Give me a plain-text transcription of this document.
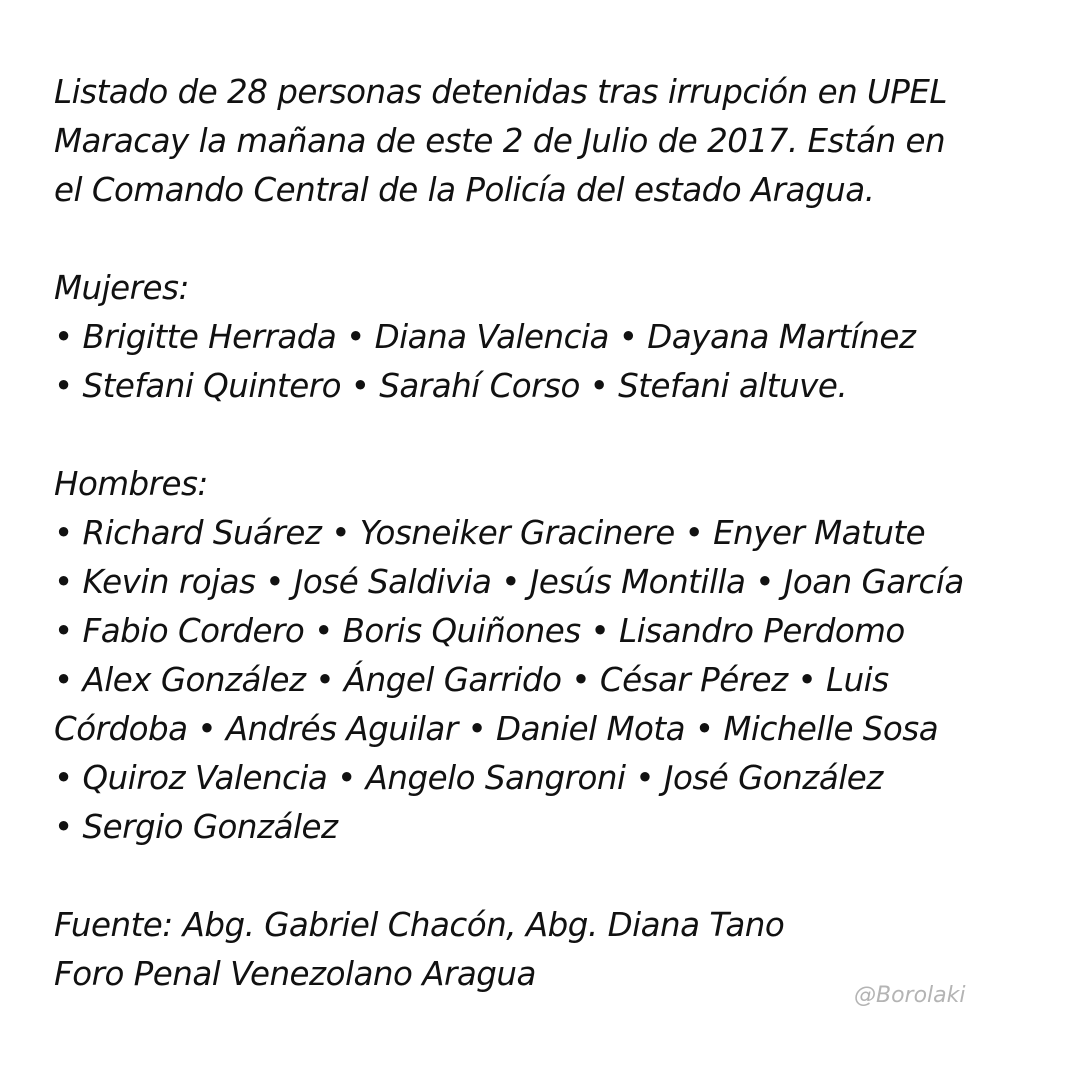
Listado de 28 personas detenidas tras irrupción en UPEL
Maracay la mañana de este 2 de Julio de 2017. Están en
el Comando Central de la Policía del estado Aragua.
Mujeres:
• Brigitte Herrada • Diana Valencia • Dayana Martínez
• Stefani Quintero • Sarahí Corso • Stefani altuve.
Hombres:
• Richard Suárez • Yosneiker Gracinere • Enyer Matute
• Kevin rojas • José Saldivia • Jesús Montilla • Joan García
• Fabio Cordero • Boris Quiñones • Lisandro Perdomo
• Alex González • Ángel Garrido • César Pérez • Luis
Córdoba • Andrés Aguilar • Daniel Mota • Michelle Sosa
• Quiroz Valencia • Angelo Sangroni • José González
• Sergio González
Fuente: Abg. Gabriel Chacón, Abg. Diana Tano
Foro Penal Venezolano Aragua
@Borolaki
